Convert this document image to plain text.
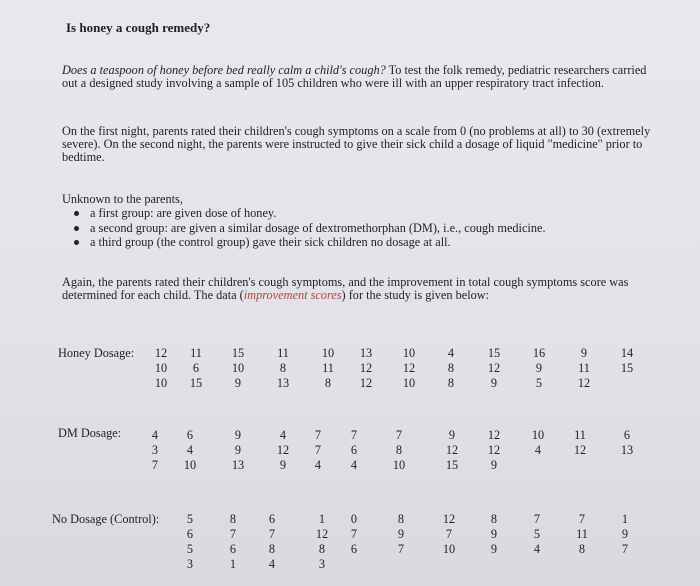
Is honey a cough remedy?
Does a teaspoon of honey before bed really calm a child's cough? To test the folk remedy, pediatric researchers carried out a designed study involving a sample of 105 children who were ill with an upper respiratory tract infection.
On the first night, parents rated their children's cough symptoms on a scale from 0 (no problems at all) to 30 (extremely severe). On the second night, the parents were instructed to give their sick child a dosage of liquid "medicine" prior to bedtime.
Unknown to the parents,
a first group: are given dose of honey.
a second group: are given a similar dosage of dextromethorphan (DM), i.e., cough medicine.
a third group (the control group) gave their sick children no dosage at all.
Again, the parents rated their children's cough symptoms, and the improvement in total cough symptoms score was determined for each child. The data (improvement scores) for the study is given below:
Honey Dosage:
DM Dosage:
No Dosage (Control):
12
10
10
11
6
15
15
10
9
11
8
13
10
11
8
13
12
12
10
12
10
4
8
8
15
12
9
16
9
5
9
11
12
14
15
4
3
7
6
4
10
9
9
13
4
12
9
7
7
4
7
6
4
7
8
10
9
12
15
12
12
9
10
4
11
12
6
13
5
6
5
3
8
7
6
1
6
7
8
4
1
12
8
3
0
7
6
8
9
7
12
7
10
8
9
9
7
5
4
7
11
8
1
9
7
